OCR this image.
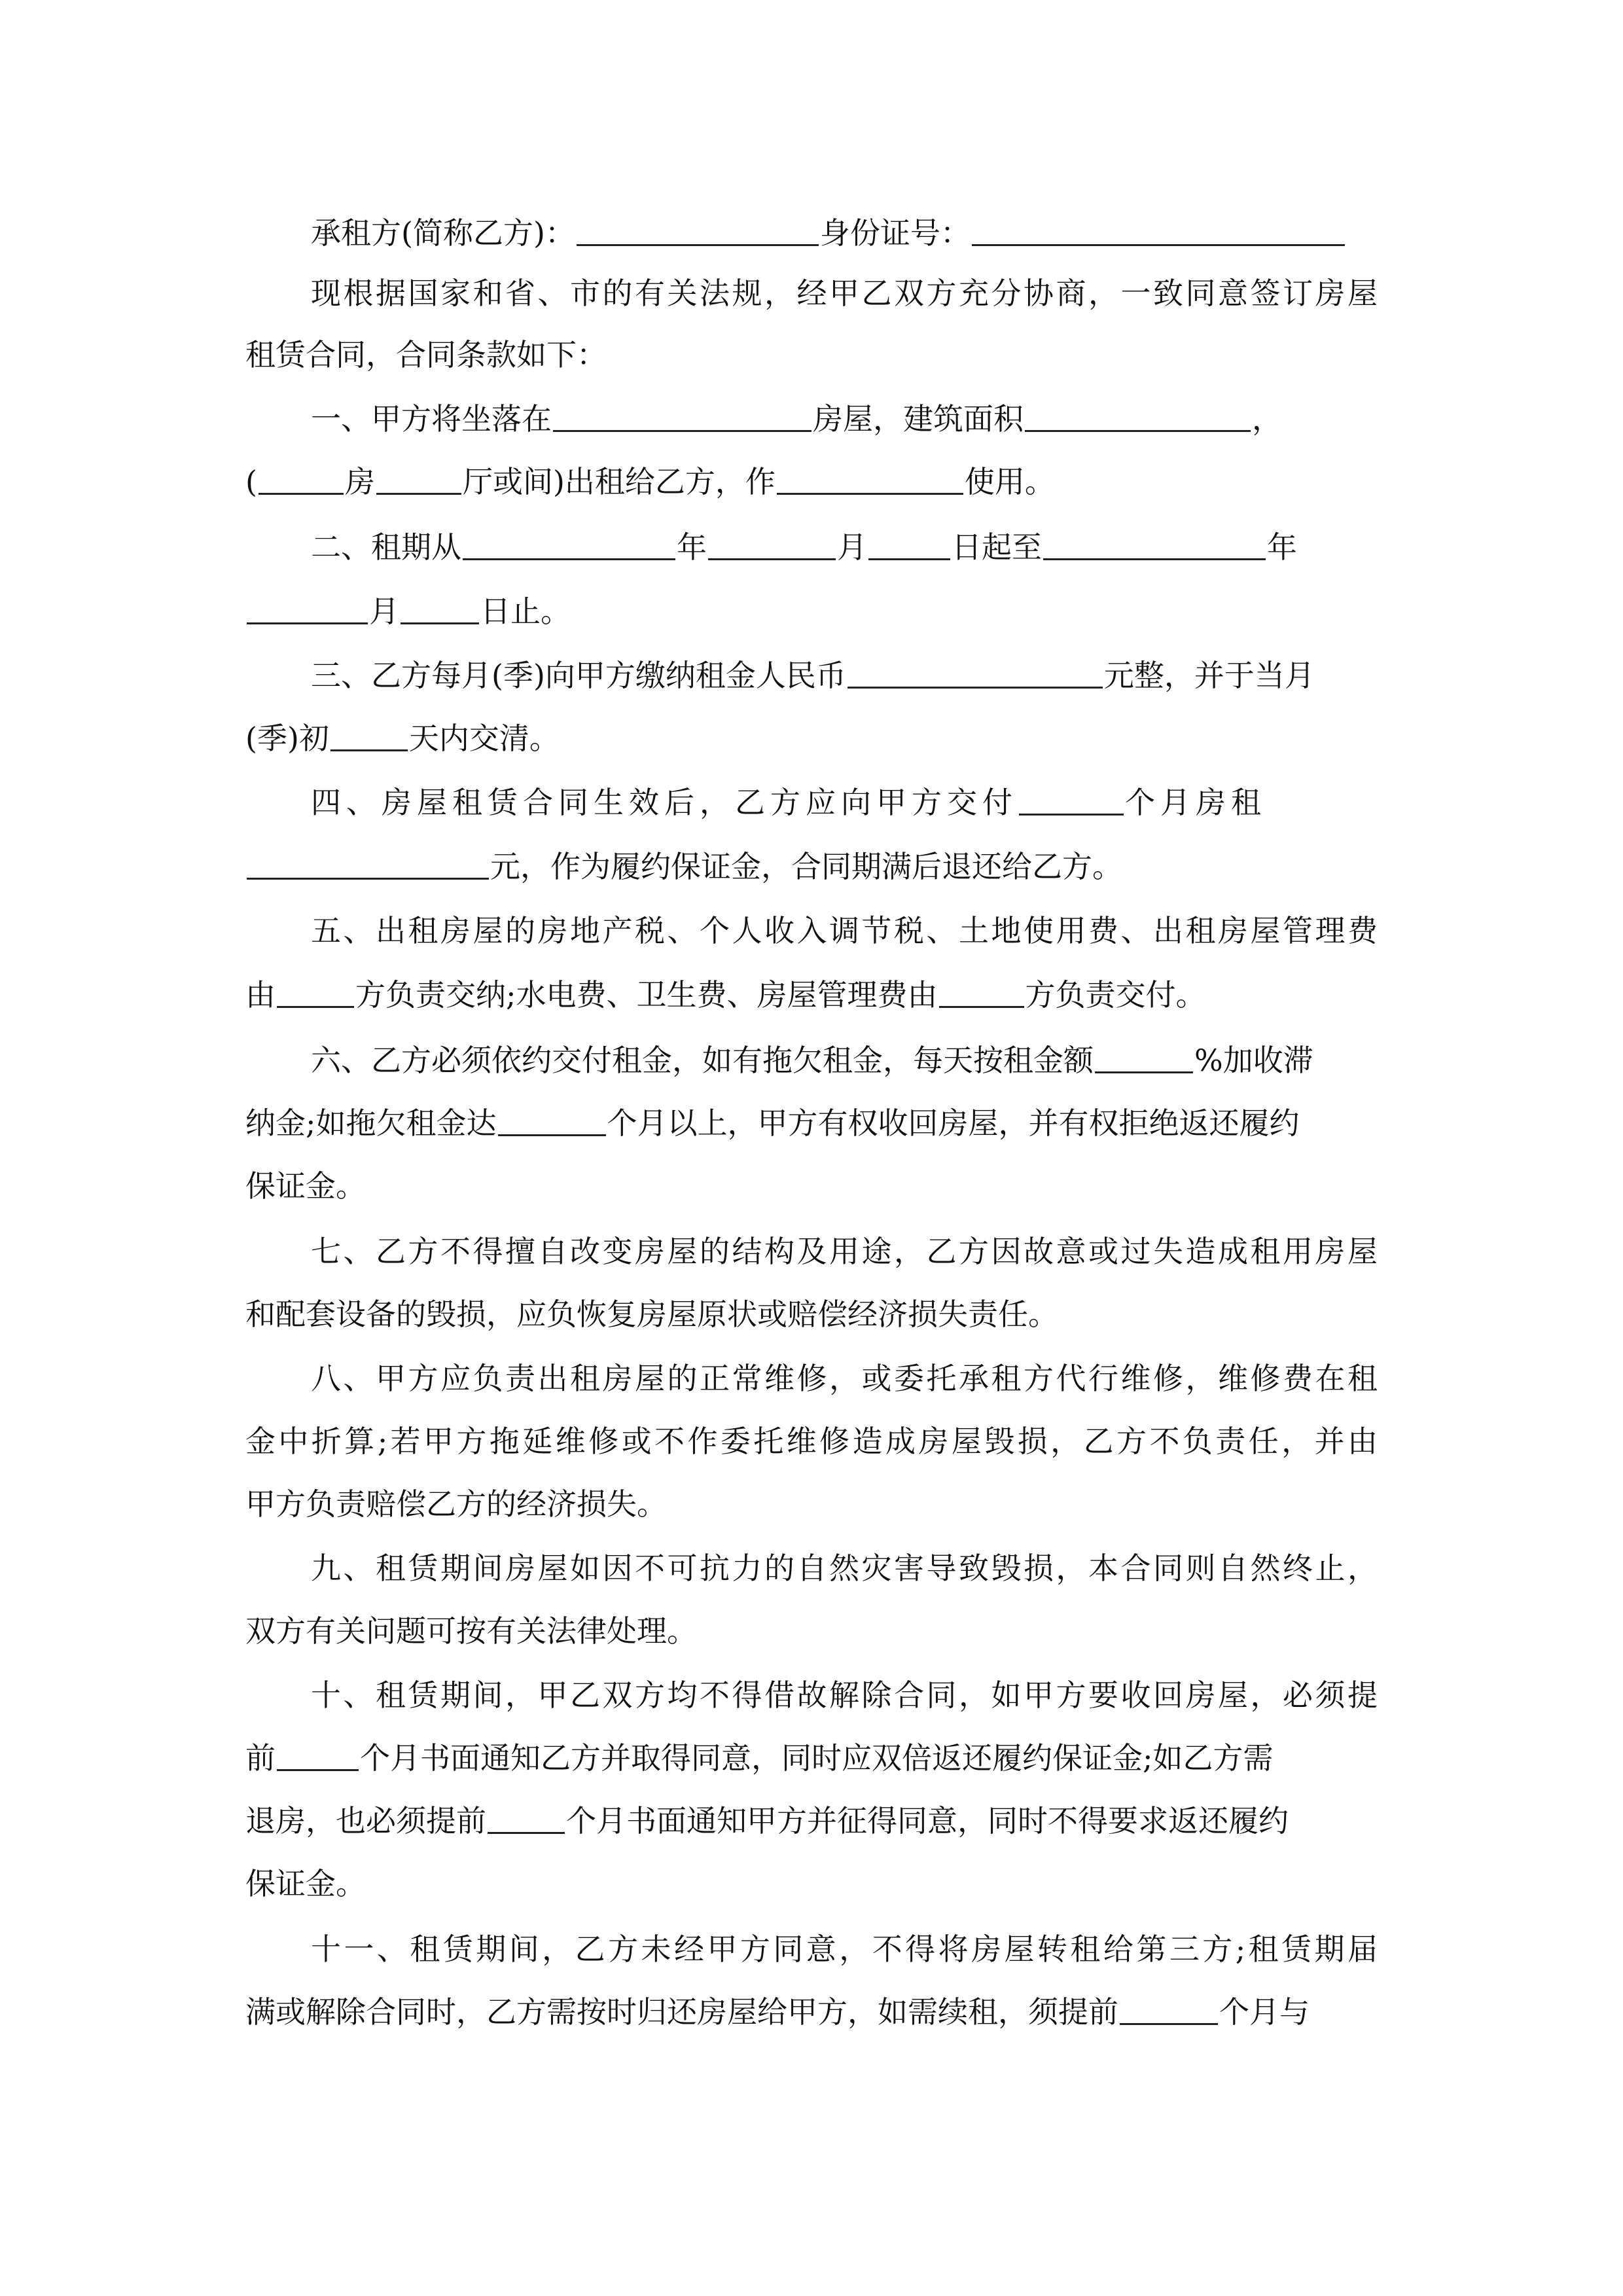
承租方(简称乙方)：	身份证号：
现根据国家和省、市的有关法规，经甲乙双方充分协商，一致同意签订房屋
租赁合同，合同条款如下：
一、甲方将坐落在	房屋，建筑面积	，
(	房	厅或间)出租给乙方，作	使用。
二、租期从	年	月	日起至	年
月	日止。
三、乙方每月(季)向甲方缴纳租金人民币	元整，并于当月
(季)初	天内交清。
四、房屋租赁合同生效后，乙方应向甲方交付	个月房租
元，作为履约保证金，合同期满后退还给乙方。
五、出租房屋的房地产税、个人收入调节税、土地使用费、出租房屋管理费
由	方负责交纳;水电费、卫生费、房屋管理费由	方负责交付。
六、乙方必须依约交付租金，如有拖欠租金，每天按租金额	%加收滞
纳金;如拖欠租金达	个月以上，甲方有权收回房屋，并有权拒绝返还履约
保证金。
七、乙方不得擅自改变房屋的结构及用途，乙方因故意或过失造成租用房屋
和配套设备的毁损，应负恢复房屋原状或赔偿经济损失责任。
八、甲方应负责出租房屋的正常维修，或委托承租方代行维修，维修费在租
金中折算;若甲方拖延维修或不作委托维修造成房屋毁损，乙方不负责任，并由
甲方负责赔偿乙方的经济损失。
九、租赁期间房屋如因不可抗力的自然灾害导致毁损，本合同则自然终止，
双方有关问题可按有关法律处理。
十、租赁期间，甲乙双方均不得借故解除合同，如甲方要收回房屋，必须提
前	个月书面通知乙方并取得同意，同时应双倍返还履约保证金;如乙方需
退房，也必须提前	个月书面通知甲方并征得同意，同时不得要求返还履约
保证金。
十一、租赁期间，乙方未经甲方同意，不得将房屋转租给第三方;租赁期届
满或解除合同时，乙方需按时归还房屋给甲方，如需续租，须提前	个月与
